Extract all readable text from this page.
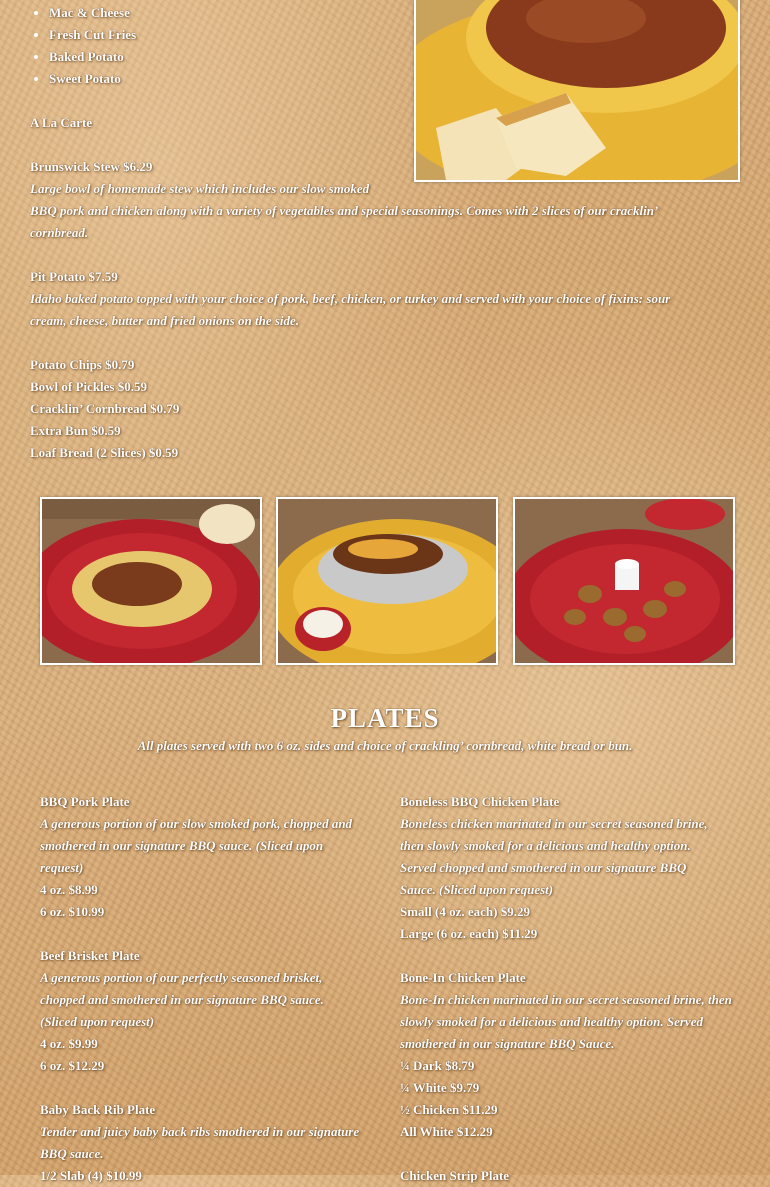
• Mac & Cheese
• Fresh Cut Fries
• Baked Potato
• Sweet Potato
A La Carte
Brunswick Stew $6.29
Large bowl of homemade stew which includes our slow smoked
BBQ pork and chicken along with a variety of vegetables and special seasonings. Comes with 2 slices of our cracklin’
cornbread.
Pit Potato $7.59
Idaho baked potato topped with your choice of pork, beef, chicken, or turkey and served with your choice of fixins: sour
cream, cheese, butter and fried onions on the side.
Potato Chips $0.79
Bowl of Pickles $0.59
Cracklin’ Cornbread $0.79
Extra Bun $0.59
Loaf Bread (2 Slices) $0.59
PLATES
All plates served with two 6 oz. sides and choice of crackling’ cornbread, white bread or bun.
BBQ Pork Plate
A generous portion of our slow smoked pork, chopped and smothered in our signature BBQ sauce. (Sliced upon request)
4 oz. $8.99
6 oz. $10.99
Beef Brisket Plate
A generous portion of our perfectly seasoned brisket, chopped and smothered in our signature BBQ sauce. (Sliced upon request)
4 oz. $9.99
6 oz. $12.29
Baby Back Rib Plate
Tender and juicy baby back ribs smothered in our signature BBQ sauce.
1/2 Slab (4) $10.99
Boneless BBQ Chicken Plate
Boneless chicken marinated in our secret seasoned brine, then slowly smoked for a delicious and healthy option. Served chopped and smothered in our signature BBQ Sauce. (Sliced upon request)
Small (4 oz. each) $9.29
Large (6 oz. each) $11.29
Bone-In Chicken Plate
Bone-In chicken marinated in our secret seasoned brine, then slowly smoked for a delicious and healthy option. Served smothered in our signature BBQ Sauce.
¼ Dark $8.79
¼ White $9.79
½ Chicken $11.29
All White $12.29
Chicken Strip Plate
